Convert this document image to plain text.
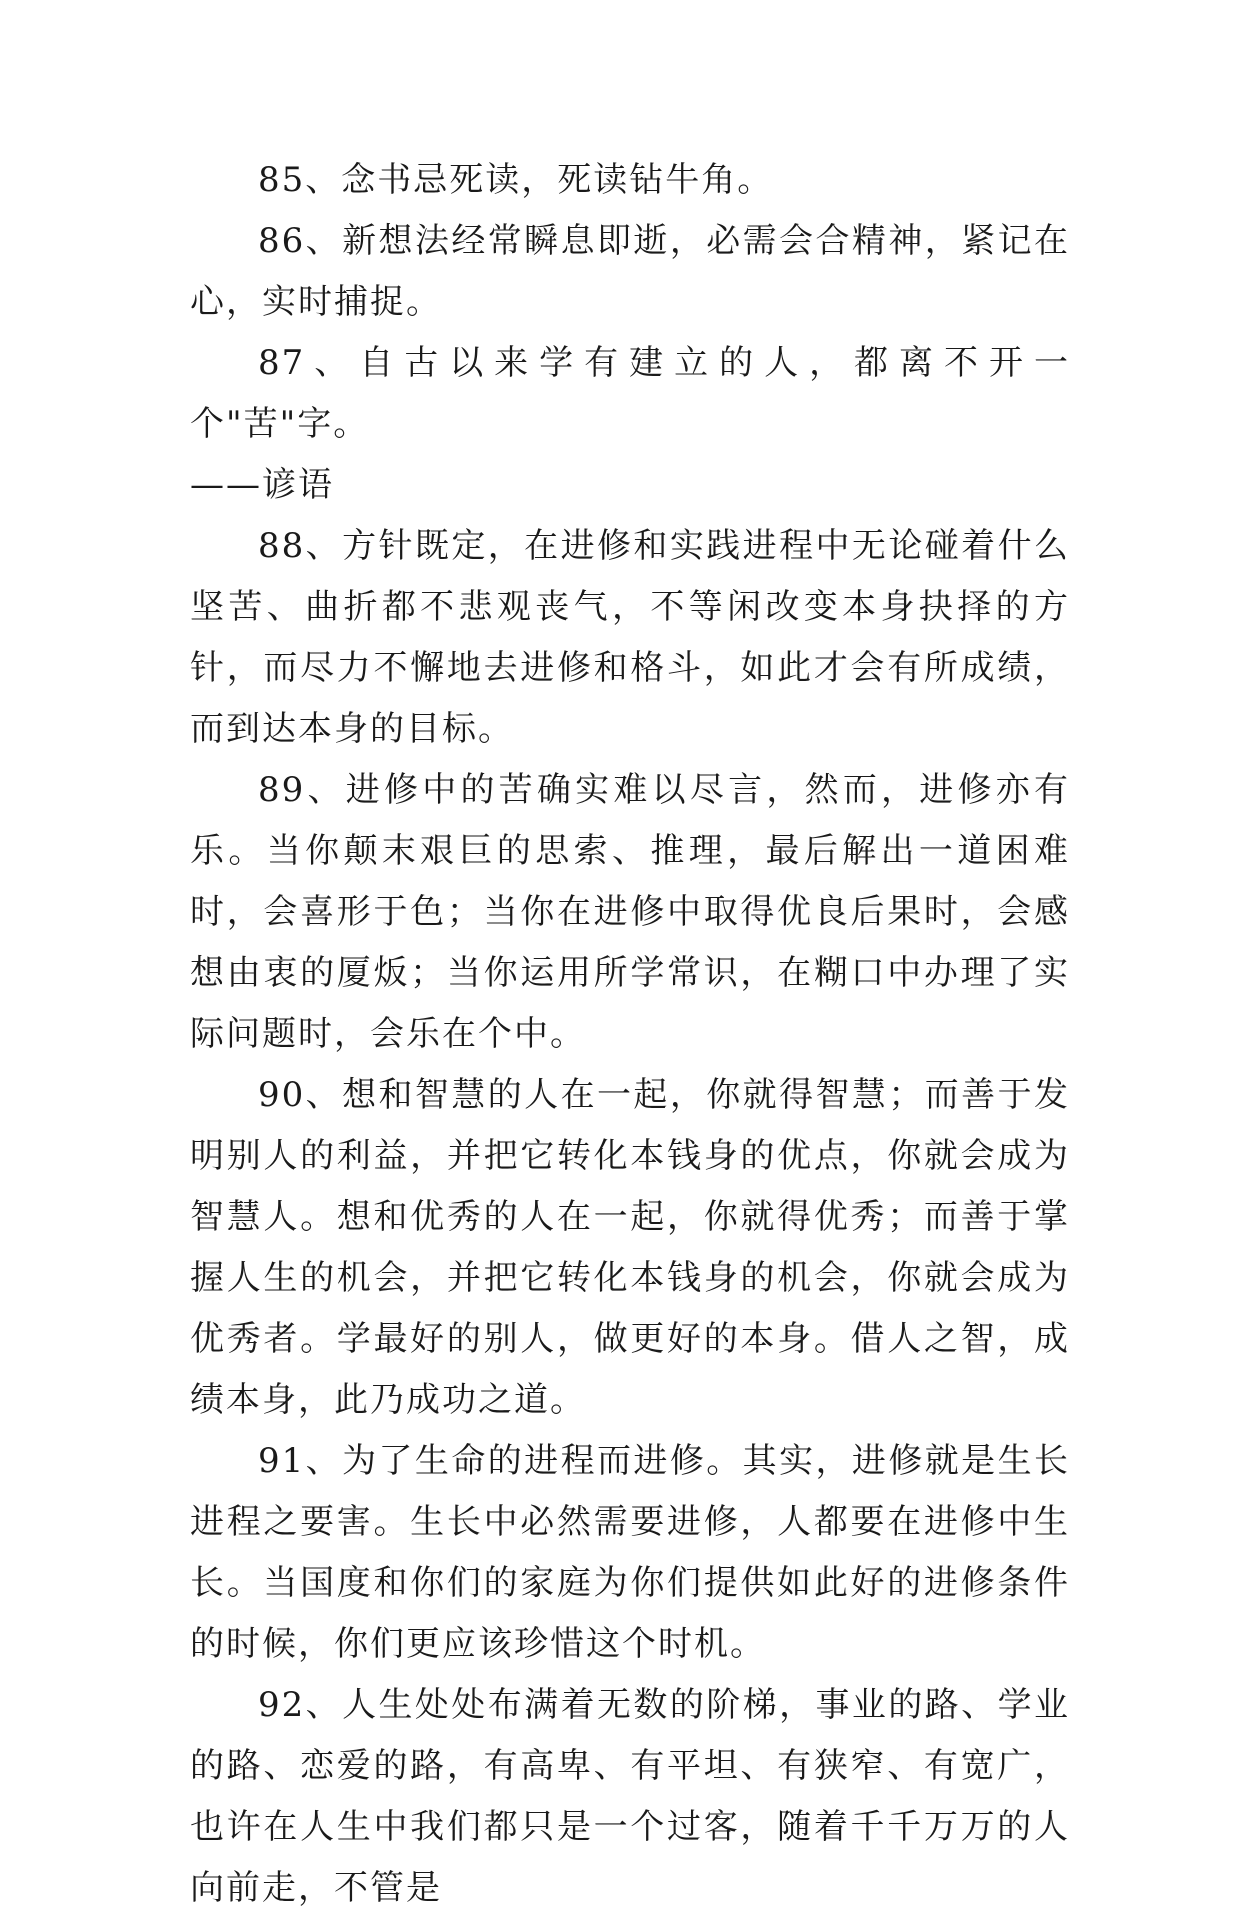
85、念书忌死读，死读钻牛角。

86、新想法经常瞬息即逝，必需会合精神，紧记在心，实时捕捉。

87、自古以来学有建立的人，都离不开一个"苦"字。

——谚语

88、方针既定，在进修和实践进程中无论碰着什么坚苦、曲折都不悲观丧气，不等闲改变本身抉择的方针，而尽力不懈地去进修和格斗，如此才会有所成绩，而到达本身的目标。

89、进修中的苦确实难以尽言，然而，进修亦有乐。当你颠末艰巨的思索、推理，最后解出一道困难时，会喜形于色；当你在进修中取得优良后果时，会感想由衷的厦炍；当你运用所学常识，在糊口中办理了实际问题时，会乐在个中。

90、想和智慧的人在一起，你就得智慧；而善于发明别人的利益，并把它转化本钱身的优点，你就会成为智慧人。想和优秀的人在一起，你就得优秀；而善于掌握人生的机会，并把它转化本钱身的机会，你就会成为优秀者。学最好的别人，做更好的本身。借人之智，成绩本身，此乃成功之道。

91、为了生命的进程而进修。其实，进修就是生长进程之要害。生长中必然需要进修，人都要在进修中生长。当国度和你们的家庭为你们提供如此好的进修条件的时候，你们更应该珍惜这个时机。

92、人生处处布满着无数的阶梯，事业的路、学业的路、恋爱的路，有高卑、有平坦、有狭窄、有宽广，也许在人生中我们都只是一个过客，随着千千万万的人向前走，不管是
